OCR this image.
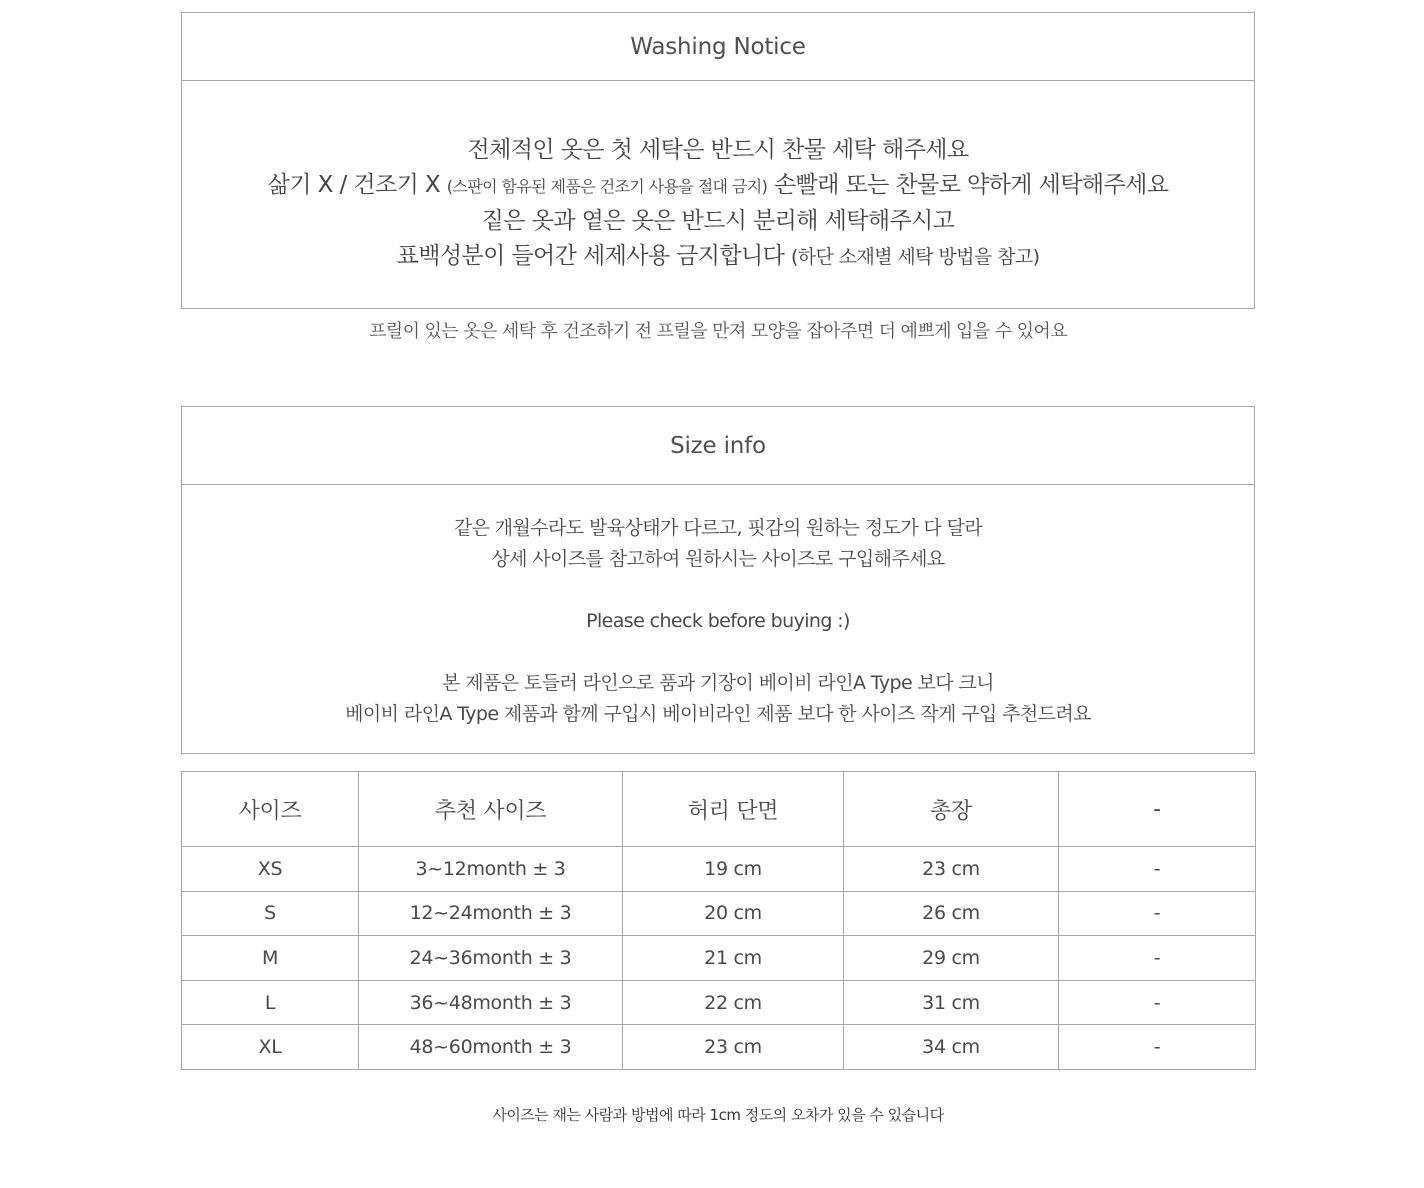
Washing Notice
전체적인 옷은 첫 세탁은 반드시 찬물 세탁 해주세요
삶기 X / 건조기 X (스판이 함유된 제품은 건조기 사용을 절대 금지) 손빨래 또는 찬물로 약하게 세탁해주세요
짙은 옷과 옅은 옷은 반드시 분리해 세탁해주시고
표백성분이 들어간 세제사용 금지합니다 (하단 소재별 세탁 방법을 참고)
프릴이 있는 옷은 세탁 후 건조하기 전 프릴을 만져 모양을 잡아주면 더 예쁘게 입을 수 있어요
Size info
같은 개월수라도 발육상태가 다르고, 핏감의 원하는 정도가 다 달라
상세 사이즈를 참고하여 원하시는 사이즈로 구입해주세요
Please check before buying :)
본 제품은 토들러 라인으로 품과 기장이 베이비 라인A Type 보다 크니
베이비 라인A Type 제품과 함께 구입시 베이비라인 제품 보다 한 사이즈 작게 구입 추천드려요
사이즈	추천 사이즈	허리 단면	총장	-
XS	3~12month ± 3	19 cm	23 cm	-
S	12~24month ± 3	20 cm	26 cm	-
M	24~36month ± 3	21 cm	29 cm	-
L	36~48month ± 3	22 cm	31 cm	-
XL	48~60month ± 3	23 cm	34 cm	-
사이즈는 재는 사람과 방법에 따라 1cm 정도의 오차가 있을 수 있습니다
